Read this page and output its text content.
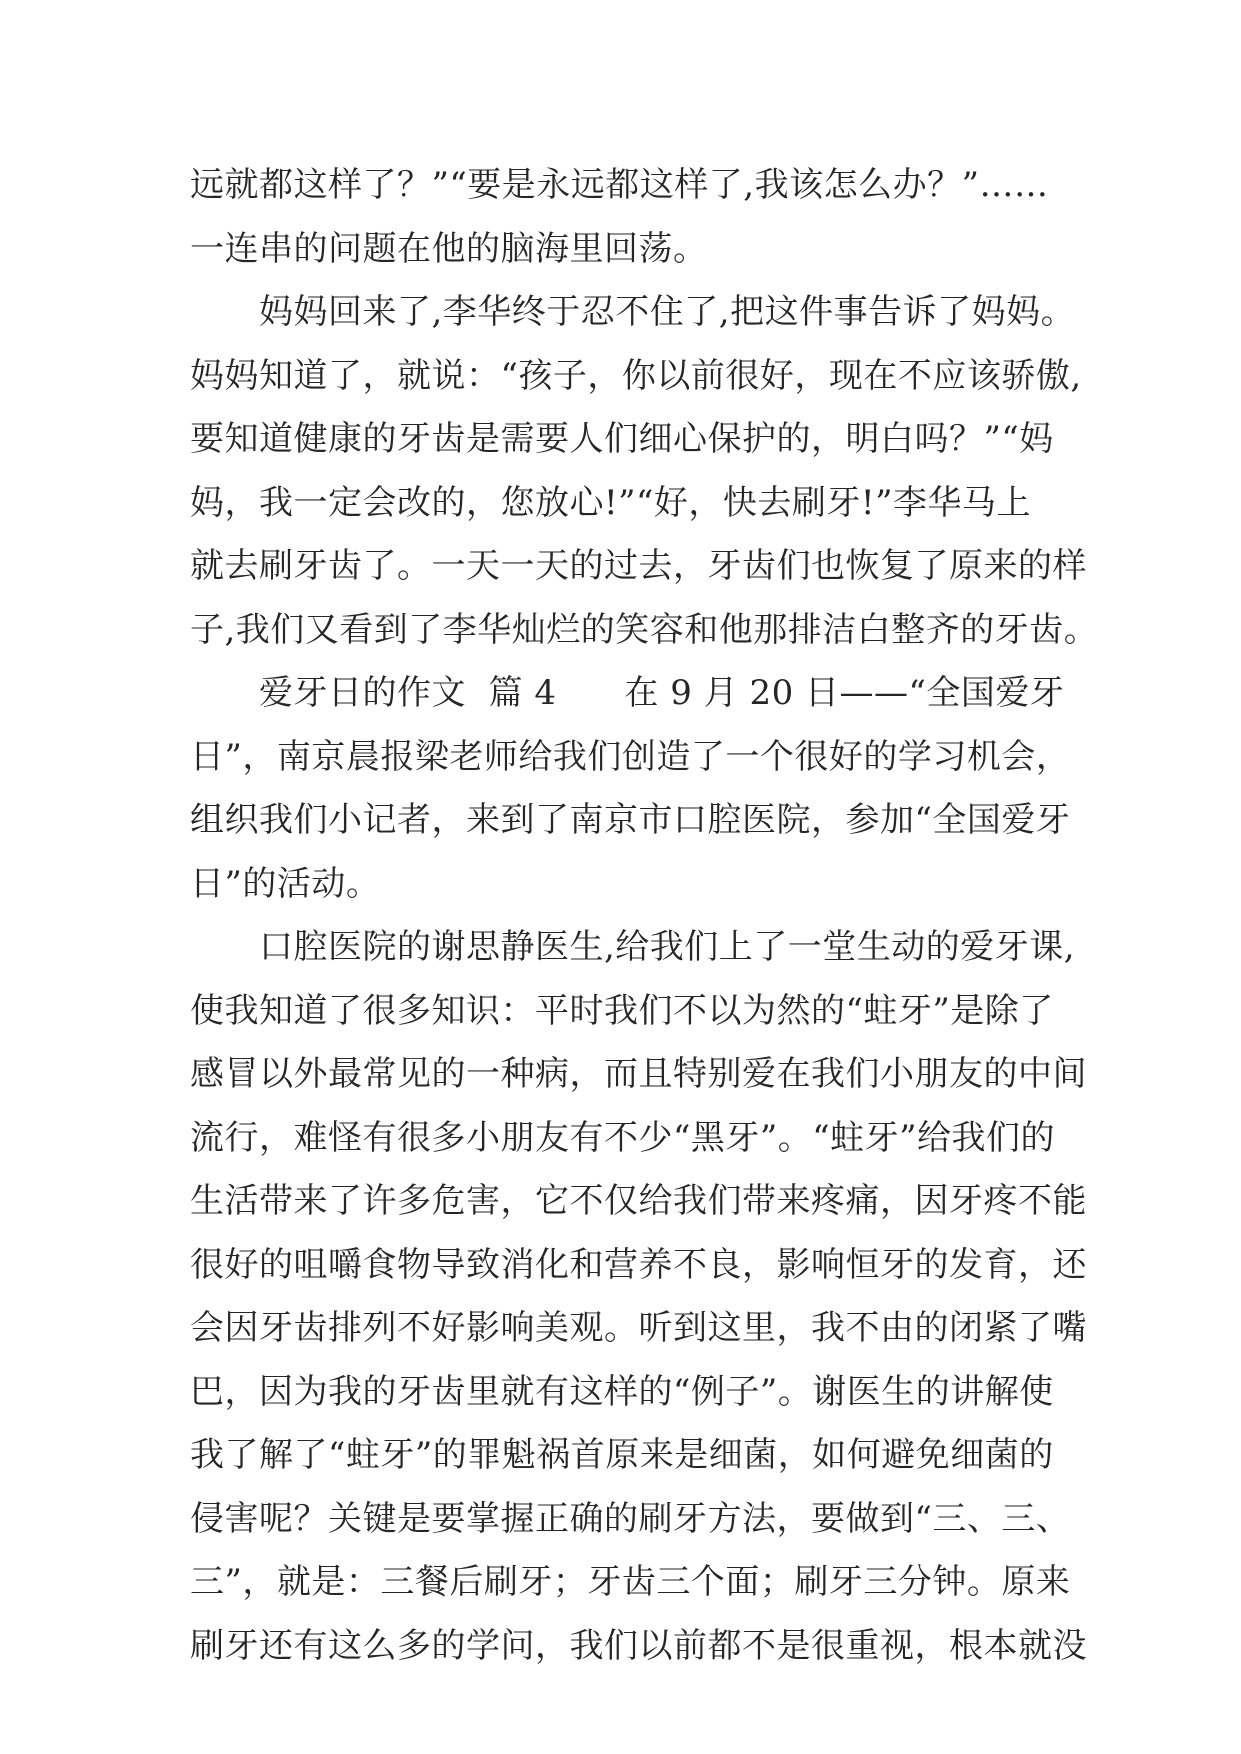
远就都这样了？”“要是永远都这样了,我该怎么办？”……
一连串的问题在他的脑海里回荡。
　　妈妈回来了,李华终于忍不住了,把这件事告诉了妈妈。
妈妈知道了，就说：“孩子，你以前很好，现在不应该骄傲,
要知道健康的牙齿是需要人们细心保护的，明白吗？”“妈
妈，我一定会改的，您放心!”“好，快去刷牙!”李华马上
就去刷牙齿了。一天一天的过去，牙齿们也恢复了原来的样
子,我们又看到了李华灿烂的笑容和他那排洁白整齐的牙齿。
　　爱牙日的作文  篇 4      在 9 月 20 日——“全国爱牙
日”，南京晨报梁老师给我们创造了一个很好的学习机会，
组织我们小记者，来到了南京市口腔医院，参加“全国爱牙
日”的活动。
　　口腔医院的谢思静医生,给我们上了一堂生动的爱牙课,
使我知道了很多知识：平时我们不以为然的“蛀牙”是除了
感冒以外最常见的一种病，而且特别爱在我们小朋友的中间
流行，难怪有很多小朋友有不少“黑牙”。“蛀牙”给我们的
生活带来了许多危害，它不仅给我们带来疼痛，因牙疼不能
很好的咀嚼食物导致消化和营养不良，影响恒牙的发育，还
会因牙齿排列不好影响美观。听到这里，我不由的闭紧了嘴
巴，因为我的牙齿里就有这样的“例子”。谢医生的讲解使
我了解了“蛀牙”的罪魁祸首原来是细菌，如何避免细菌的
侵害呢？关键是要掌握正确的刷牙方法，要做到“三、三、
三”，就是：三餐后刷牙；牙齿三个面；刷牙三分钟。原来
刷牙还有这么多的学问，我们以前都不是很重视，根本就没
